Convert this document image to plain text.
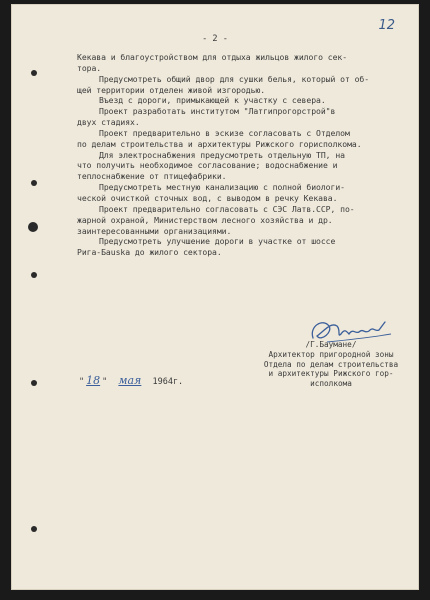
12
- 2 -
Кекава и благоустройством для отдыха жильцов жилого сек-
тора.
Предусмотреть общий двор для сушки белья, который от об-
щей территории отделен живой изгородью.
Въезд с дороги, примыкающей к участку с севера.
Проект разработать институтом "Латгипрогорстрой"в
двух стадиях.
Проект предварительно в эскизе согласовать с Отделом
по делам строительства и архитектуры Рижского горисполкома.
Для электроснабжения предусмотреть отдельную ТП, на
что получить необходимое согласование; водоснабжение и
теплоснабжение от птицефабрики.
Предусмотреть местную канализацию с полной биологи-
ческой очисткой сточных вод, с выводом в речку Кекава.
Проект предварительно согласовать с СЭС Латв.ССР, по-
жарной охраной, Министерством лесного хозяйства и др.
заинтересованными организациями.
Предусмотреть улучшение дороги в участке от шоссе
Рига-Баuska до жилого сектора.
/Г.Баумане/
Архитектор пригородной зоны
Отдела по делам строительства
и архитектуры Рижского гор-
исполкома
" 18 " мая 1964г.
